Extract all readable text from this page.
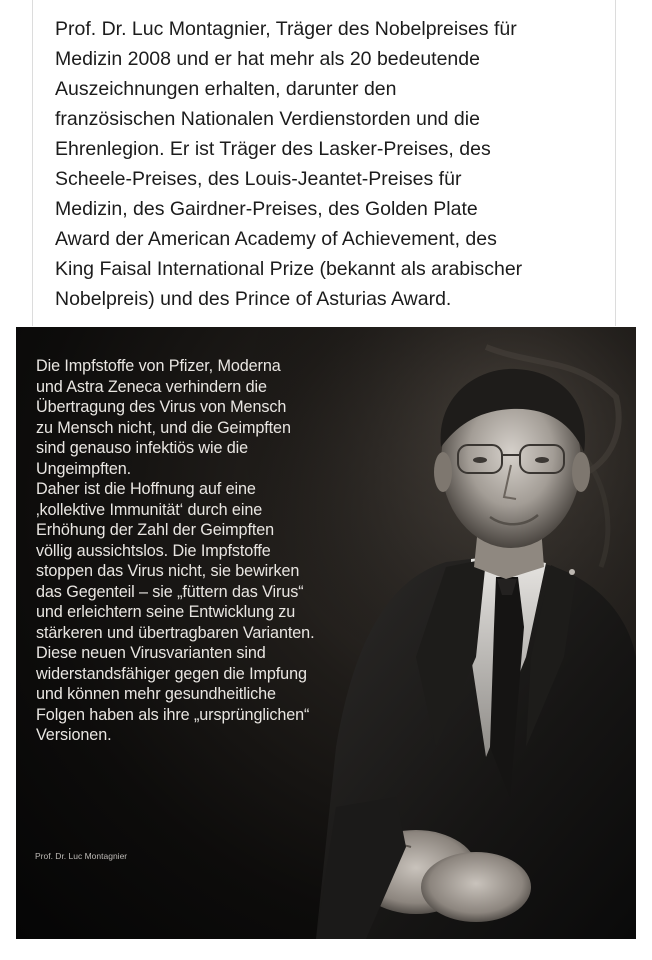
Prof. Dr. Luc Montagnier, Träger des Nobelpreises für
Medizin 2008 und er hat mehr als 20 bedeutende
Auszeichnungen erhalten, darunter den
französischen Nationalen Verdienstorden und die
Ehrenlegion. Er ist Träger des Lasker-Preises, des
Scheele-Preises, des Louis-Jeantet-Preises für
Medizin, des Gairdner-Preises, des Golden Plate
Award der American Academy of Achievement, des
King Faisal International Prize (bekannt als arabischer
Nobelpreis) und des Prince of Asturias Award.

Die Impfstoffe von Pfizer, Moderna
und Astra Zeneca verhindern die
Übertragung des Virus von Mensch
zu Mensch nicht, und die Geimpften
sind genauso infektiös wie die
Ungeimpften.
Daher ist die Hoffnung auf eine
‚kollektive Immunität‘ durch eine
Erhöhung der Zahl der Geimpften
völlig aussichtslos. Die Impfstoffe
stoppen das Virus nicht, sie bewirken
das Gegenteil – sie „füttern das Virus“
und erleichtern seine Entwicklung zu
stärkeren und übertragbaren Varianten.
Diese neuen Virusvarianten sind
widerstandsfähiger gegen die Impfung
und können mehr gesundheitliche
Folgen haben als ihre „ursprünglichen“
Versionen.

Prof. Dr. Luc Montagnier
